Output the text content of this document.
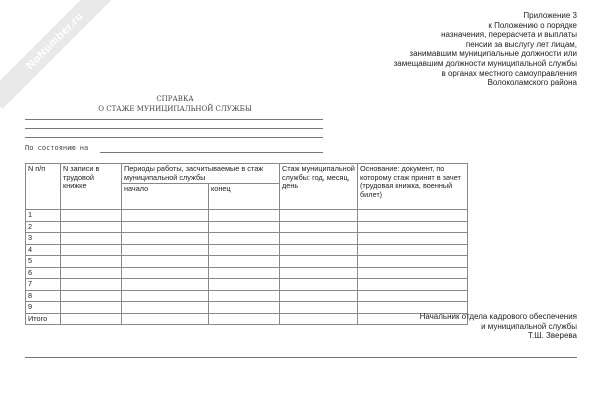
NoNumber.ru	Приложение 3
к Положению о порядке
назначения, перерасчета и выплаты
пенсии за выслугу лет лицам,
занимавшим муниципальные должности или
замещавшим должности муниципальной службы
в органах местного самоуправления
Волоколамского района
СПРАВКА
О СТАЖЕ МУНИЦИПАЛЬНОЙ СЛУЖБЫ
По состоянию на
N п/п	N записи в трудовой книжке	Периоды работы, засчитываемые в стаж муниципальной службы		Стаж муниципальной службы: год, месяц, день	Основание: документ, по которому стаж принят в зачет (трудовая книжка, военный билет)
		начало	конец		
1					
2					
3					
4					
5					
6					
7					
8					
9					
Итого						Начальник отдела кадрового обеспечения
и муниципальной службы
Т.Ш. Зверева
